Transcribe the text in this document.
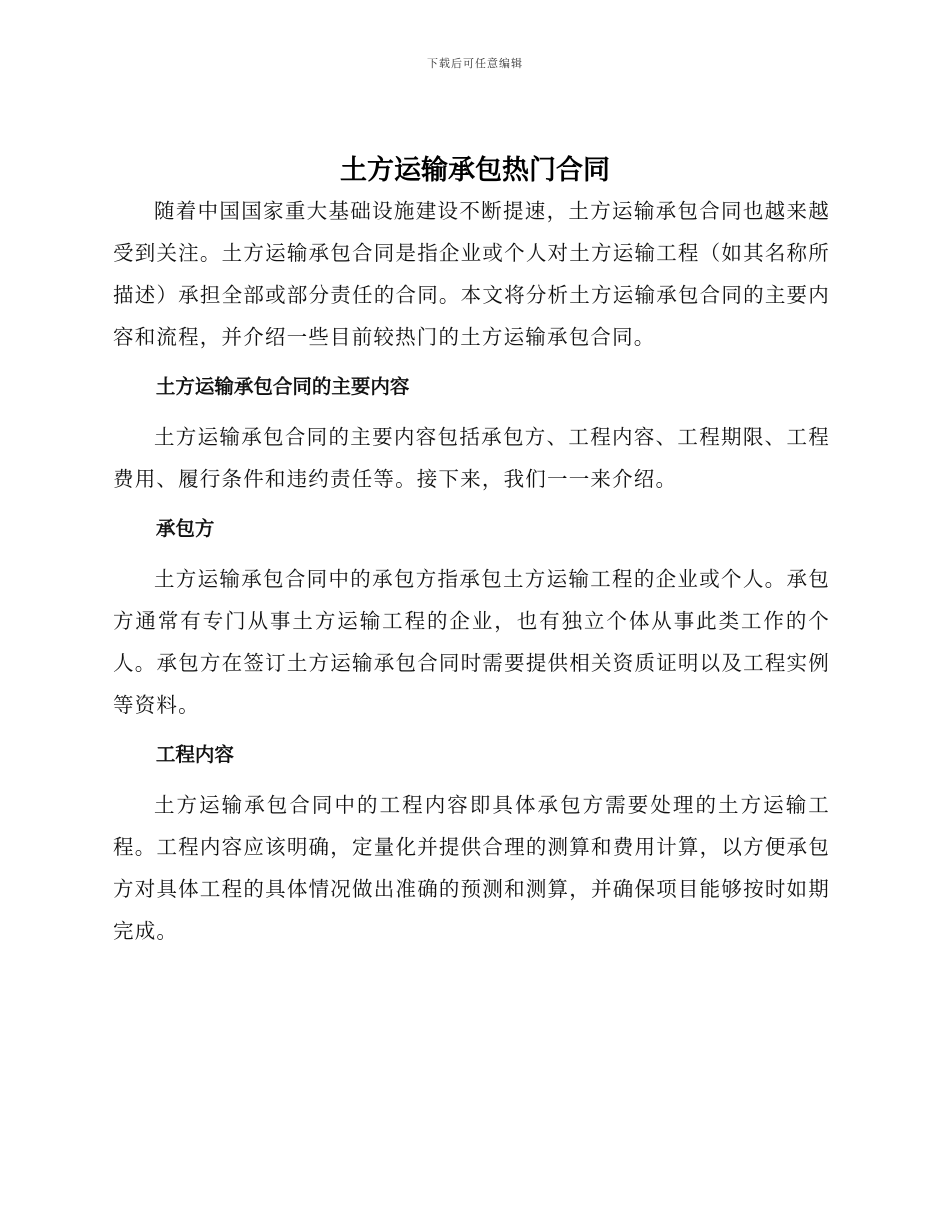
下载后可任意编辑
土方运输承包热门合同

随着中国国家重大基础设施建设不断提速，土方运输承包合同也越来越受到关注。土方运输承包合同是指企业或个人对土方运输工程（如其名称所描述）承担全部或部分责任的合同。本文将分析土方运输承包合同的主要内容和流程，并介绍一些目前较热门的土方运输承包合同。

土方运输承包合同的主要内容

土方运输承包合同的主要内容包括承包方、工程内容、工程期限、工程费用、履行条件和违约责任等。接下来，我们一一来介绍。

承包方

土方运输承包合同中的承包方指承包土方运输工程的企业或个人。承包方通常有专门从事土方运输工程的企业，也有独立个体从事此类工作的个人。承包方在签订土方运输承包合同时需要提供相关资质证明以及工程实例等资料。

工程内容

土方运输承包合同中的工程内容即具体承包方需要处理的土方运输工程。工程内容应该明确，定量化并提供合理的测算和费用计算，以方便承包方对具体工程的具体情况做出准确的预测和测算，并确保项目能够按时如期完成。
